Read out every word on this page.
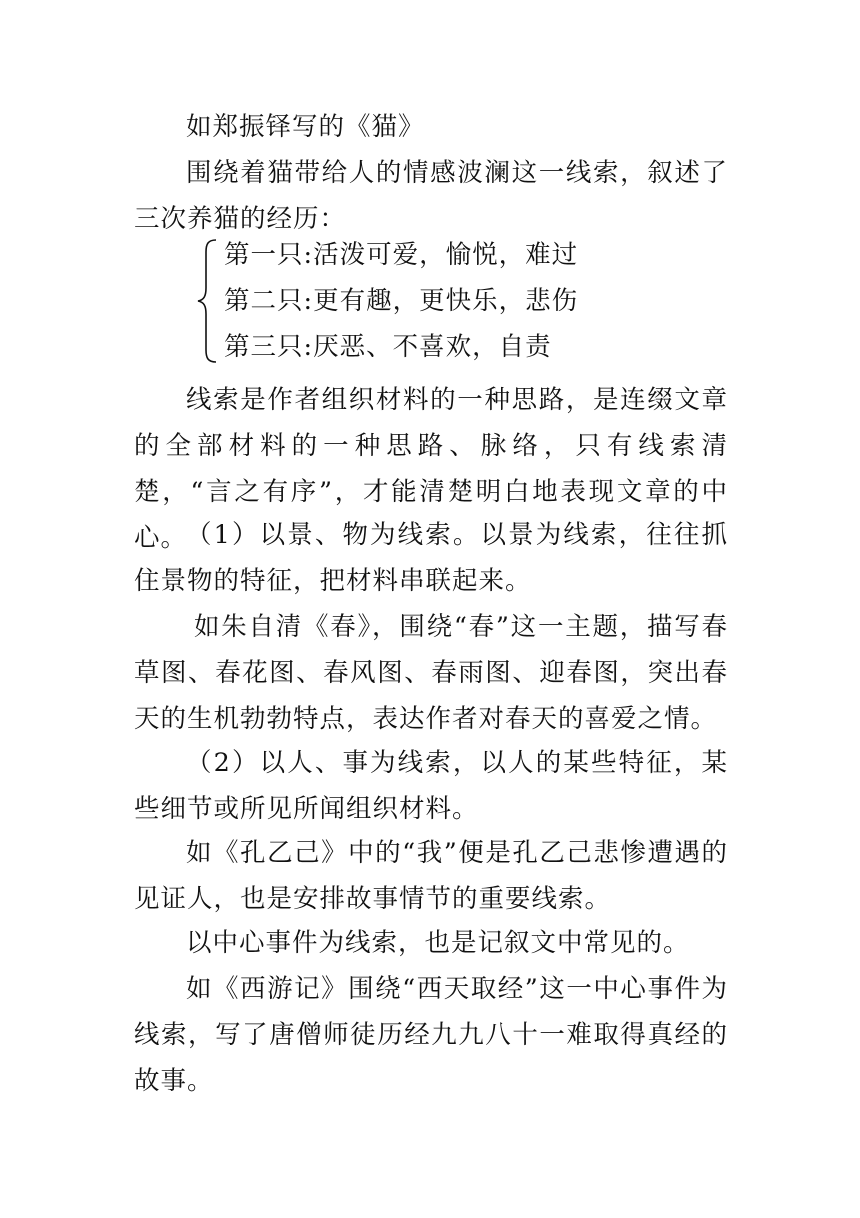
如郑振铎写的《猫》

围绕着猫带给人的情感波澜这一线索，叙述了三次养猫的经历：

第一只:活泼可爱，愉悦，难过
第二只:更有趣，更快乐，悲伤
第三只:厌恶、不喜欢，自责

线索是作者组织材料的一种思路，是连缀文章的全部材料的一种思路、脉络，只有线索清楚，“言之有序”，才能清楚明白地表现文章的中心。

（1）以景、物为线索。以景为线索，往往抓住景物的特征，把材料串联起来。

如朱自清《春》，围绕“春”这一主题，描写春草图、春花图、春风图、春雨图、迎春图，突出春天的生机勃勃特点，表达作者对春天的喜爱之情。

（2）以人、事为线索，以人的某些特征，某些细节或所见所闻组织材料。

如《孔乙己》中的“我”便是孔乙己悲惨遭遇的见证人，也是安排故事情节的重要线索。

以中心事件为线索，也是记叙文中常见的。

如《西游记》围绕“西天取经”这一中心事件为线索，写了唐僧师徒历经九九八十一难取得真经的故事。
